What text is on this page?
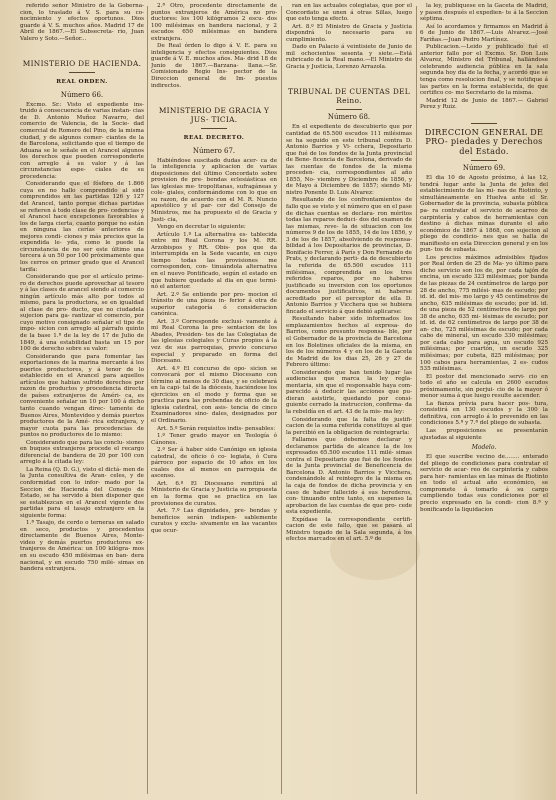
referido señor Ministro de la Goberna- cion, lo traslado á V. S. para su co- nocimiento y efectos oportunos. Dios guarde á V. S. muchos años. Madrid 17 de Abril de 1867.—El Subsecreta- rio, Juan Valero y Soto.—Señor...

MINISTERIO DE HACIENDA.
REAL ORDEN.
Número 66.

Excmo. Sr.: Visto el expediente ins- truido á consecuencia de varias instan- cias de D. Antonio Muñoz Navarro, del comercio de Valencia, de la Socie- dad comercial de Romero del Pino, de la misma ciudad, y de algunos comer- ciantes de la de Barcelona, solicitando que el tiempo de Aduana se le señale en el Arancel algunos los derechos que pueden corresponderle con arreglo á su valor y á las circunstancias espe- ciales de su procedencia:

Considerando que el fósforo de 1.866 cuya en no hallo comprendido al sido comprendidos en las partidas 126 y 127 del Arancel, tanto porque dichas partidas se refieren á todo clase de pro- cedencias y el Arancel hace excepciones favorables á los de larga cierta, cuanto porque no están en ninguna las cerías anteriores de mejores condi- ciones y más precios que la expendida le- yda, como le puede la circunstancia de no ser este último una tercera á un 50 por 100 próximamente que los cerros en primer grado que el Arancel tarifa:

Considerando que por el artículo prime- ro de derechos puede aprovechar al tesoro y á las clases de arancel siendo al comercio ningún artículo más alto por todos al mismo, para la productora, se en igualdad al clase de pro- ducto, que no ciudadela sujecion para ga- rantizar el comercio, por cuyo motivo consignado señalar el tipo de impo- sicion con arreglo al párrafo quinto de la base 1.ª de la ley de 17 de Julio de 1849, á una estabilidad basta un 15 por 100 de derecho sobre su valor:

Considerando que para fomentar las exportaciones de la marina mercante á los puertos productores, y á tenor de lo establecido en el Arancel para aquellos artículos que habian sufrido derechos por razon de productos y procedencia directa de países extranjeros de Améri- ca, es conveniente señalar un 10 por 100 á dicho tanto cuando vengan direc- tamente de Buenos Aires, Montevideo y demás puertos productores de la Amé- rica extranjera, y mayor cuota para las procedencias de puntos no productores de lo mismo:

Considerando que para las conclu- siones en buques extranjeros procede el recargo diferencial de bandera de 20 por 100 con arreglo á la citada ley:

La Reina (Q. D. G.), visto el dictá- men de la Junta consultiva de Aran- celes, y de conformidad con lo infor- mado por la Seccion de Hacienda del Consejo de Estado, se ha servido á bien disponer que se establezcan en el Arancel vigente dos partidas para el tasajo extranjero en la siguiente forma:

1.ª Tasajo, de cerdo o terneras en salado en seco, productos y procedentes directamente de Buenos Aires, Monte- video y demás puertos productores ex- tranjeros de América: un 100 kilógra- mos en su escudo 450 milésimas en ban- dera nacional, y en escudo 750 milé- simas en bandera extranjera.

2.ª Otro, procedente directamente de puntos extranjeros de América no pro- ductores: los 100 kilógramos 2 escu- dos 100 milésimas en bandera nacional, y 2 escudos 650 milésimas en bandera extranjera.

De Real órden lo digo á V. E. para su inteligencia y efectos consiguientes. Dios guarde á V. E. muchos años. Ma- drid 18 de Junio de 1867.—Barzana- llana.—Sr. Comisionado Regio Ins- pector de la Direccion general de Im- puestos indirectos.

MINISTERIO DE GRACIA Y JUS- TICIA.
REAL DECRETO.
Número 67.

Habiéndose suscitado dudas acer- ca de la inteligencia y aplicacion de varias disposiciones del último Concordato sobre provision de pre- bendas eclesiásticas en las iglesias me- tropolitanas, sufragáneas y cole- giales, conformándome con lo que en su razon, de acuerdo con el M. R. Nuncio apostólico y el par- cer del Consejo de Ministros, me ha propuesto el de Gracia y Justi- cia,

Vengo en decretar lo siguiente:

Artículo 1.º La alternativa es- tablecida entre mi Real Corona y los M. RR. Arzobispos y RR. Obis- pos que da interrumpida en la Sede vacante, en cuyo tiempo todas las provisiones me corresponden, con- tinuándola alternativa en el nuevo Pontificado, según el estado en que hubiere quedado al dia en que termi- nó el anterior.

Art. 2.º Se entiende por pro- mocion el tránsito de una pieza in- ferior á otra de superior categoría ó consideracion canónica.

Art. 3.º Corresponde exclusi- vamente á mi Real Corona la pre- sentacion de los Abades, Presiden- tes de las Colegiatas de las iglesias colegiales y Curas propios á la vez de sus parroquias, previo concurso especial y preparado en forma del Diocesano.

Art. 4.º El concurso de opo- sicion se convocará por el mismo Diocesano con término al menos de 30 dias, y se celebrará en la capi- tal de la diócesis, haciéndose los ejercicios en el modo y forma que se practica para las prebendas de oficio de la iglesia catedral, con asis- tencia de cinco Examinadores sino- dales, designados por el Ordinario.

Art. 5.º Serán requisitos indis- pensables:

1.º Tener grado mayor en Teología ó Cánones.

2.º Ser á haber sido Canónigo en iglesia catedral, de oficio ó co- legiata, ó Cura párroco por espacio de 10 años en los cuales dos al menos en parroquia de ascenso.

Art. 6.º El Diocesano remitirá al Ministerio de Gracia y Justicia su propuesta en la forma que se practica en las provisiones de curatos.

Art. 7.º Las dignidades, pre- bendas y beneficios serán indispen- sablemente curatos y exclu- sivamente en las vacantes que ocur-

ran en las actuales colegiatas, que por el Concordato se unen á otras Sillas, luego que esto tenga efecto.

Art. 8.º El Ministro de Gracia y Justicia dispondrá lo necesario para su cumplimiento.

Dado en Palacio á veintisiete de Junio de mil ochocientos sesenta y siete.—Está rubricado de la Real mano.—El Ministro de Gracia y Justicia, Lorenzo Arrazola.

TRIBUNAL DE CUENTAS DEL Reino.
Número 68.

En el expediente de descubierto que por cantidad de 65.500 escudos 111 milésimas se ha seguido en este tribunal contra D. Antonio Barrios y Vi- cchera, Depositario que fué de los fondos de la Junta provincial de Bene- ficencia de Barcelona, derivado de las cuentas de fondos de la misma proceden- cia, correspondientes al año 1855, No- viembre y Diciembre de 1856, y de Mayo á Diciembre de 1857; siendo Mi- nistro Ponente D. Luis Alvarez:

Resultando de los confrontamientos de fallo que se visto y el número que en el pase de dichas cuentas se declara- ron méritos todas las reparos deduci- dos del examen de las mismas, reve- la de situacion con los números 9 de los de 1855, 14 de los 1856, y 3 de los de 1857, absolviendo de responsa- bilidad á los Depositarios de provincias, D. Bonifacio Ferrer, á París y Don Fernando de Prats, y declarando perti- da de descubierto la referida de 65.500 escudos 111 milésimas, comprendida en los tres referidos reparos, por no haberse justificado su inversion con los oportunos documentos justificativos, ni haberse acreditado por el perceptor de ella D. Antonio Barrios y Vicchera que se hubiera fincado el servicio á que debió aplicarse:

Resultando haber sido informados los emplazamientos hechos al expresa- do Barrios, como presunto responsa- ble, por el Gobernador de la provincia de Barcelona en los Boletines oficiales de la misma, en los de los números 4 y en los de la Gaceta de Madrid de los dias 25, 26 y 27 de Febrero último:

Considerando que han tenido lugar las audiencias que marca la ley regla- mentaria, sin que el responsable haya com- parecido á deducir las acciones que pu- dieran asistirle, quedando por consi- guiente cerrado la instruccion, confirma- da la rebeldía en el art. 43 de la mis- ma ley:

Considerando que la falta de justifi- cacion de la suma referida constituye al que la percibió en la obligacion de reintegrarla:

Fallamos que debemos declarar y declaramos partida de alcance la de los expresados 65.500 escudos 111 milé- simas contra el Depositario que fué de los fondos de la Junta provincial de Beneficencia de Barcelona D. Antonio Barrios y Vicchera, condenándole al reintegro de la misma en la caja de fondos de dicha provincia y en caso de haber fallecido á sus herederos, con- tinuando entre tanto, en suspenso la aprobacion de las cuentas de que pro- cede esta expediente.

Expídase la correspondiente certifi- cacion de este fallo, que se pasará al Ministro togado de la Sala segunda, á los efectos marcados en el art. 5.º de

la ley, publíquese en la Gaceta de Madrid, y pasen después el expedien- te á la Seccion séptima.

Así lo acordamos y firmamos en Madrid á 6 de Junio de 1867.—Luis Alvarez.—José Fariñas.—Juan Pedro Martínez.

Publicacion.—Leido y publicado fué el anterior fallo por el Excmo. Sr. Don Luis Alvarez, Ministro del Tribunal, hallándose celebrando audiencia pública en la sala segunda hoy dia de la fecha, y acordó que se tenga como resolucion final, y se notifique á las partes en la forma establecida, de que certifico co- mo Secretario de la misma.

Madrid 12 de Junio de 1867.— Gabriel Perez y Ruiz.

DIRECCION GENERAL DE PRO- piedades y Derechos del Estado.
Número 69.

El dia 10 de Agosto próximo, á las 12, tendrá lugar ante la Junta de jefes del establecimiento de las mi- nas de Riotinto, y simultáneamente en Huelva ante el Sr. Gobernador de la provincia, subasta pública pa- ra contratar el servicio de acarreo de carpintería y cabos de herramientas con destino á dichas minas durante el año económico de 1867 á 1868, con sujecion al pliego de condicio- nes que se halla de manifiesto en esta Direccion general y en los pun- tos de subasta.

Los precios máximos admisibles fijados por Real órden de 25 de Ma- yo último para dicho servicio son los de, por cada tajón de encina, un escudo 323 milésimas; por banda de las piezas de 24 centímetros de largo por 28 de ancho, 775 milési- mas de escudo; por id. id. del mis- mo largo y 45 centímetros de ancho, 635 milésimas de escudo; por id. id. de una pieza de 52 centímetros de largo por 38 de ancho, 635 mi- lésimas de escudo; por id. id. de 62 centímetros de largo por 38 de an- cho, 725 milésimas de escudo; por cada cabo de mineral, un escudo 330 milésimas; por cada cabo para agua, un escudo 925 milésimas; por cuartón, un escudo 325 milésimas; por cubeta, 825 milésimas; por 100 cabos para herramientas, 2 es- cudos 535 milésimas.

El postor del mencionado servi- cio en todo el año se calcula en 2600 escudos próximamente, sin perjui- cio de la mayor ó menor suma á que luego resulte ascender.

La fianza prévia para hacer pos- tura, consistirá en 130 escudos y la 300 la definitiva, con arreglo á lo prevenido en las condiciones 5.ª y 7.ª del pliego de subasta.

Las proposiciones se presentarán ajustadas al siguiente

Modelo.

El que suscribe vecino de........ enterado del pliego de condiciones para contratar el servicio de acar- reo de carpintería y cabos para her- ramientas en las minas de Riotinto en todo el actual año económico, se compromete á tomarlo á su cargo cumpliendo todas sus condiciones por el precio expresado en la condi- cion 8.ª y bonificando la liquidacion
